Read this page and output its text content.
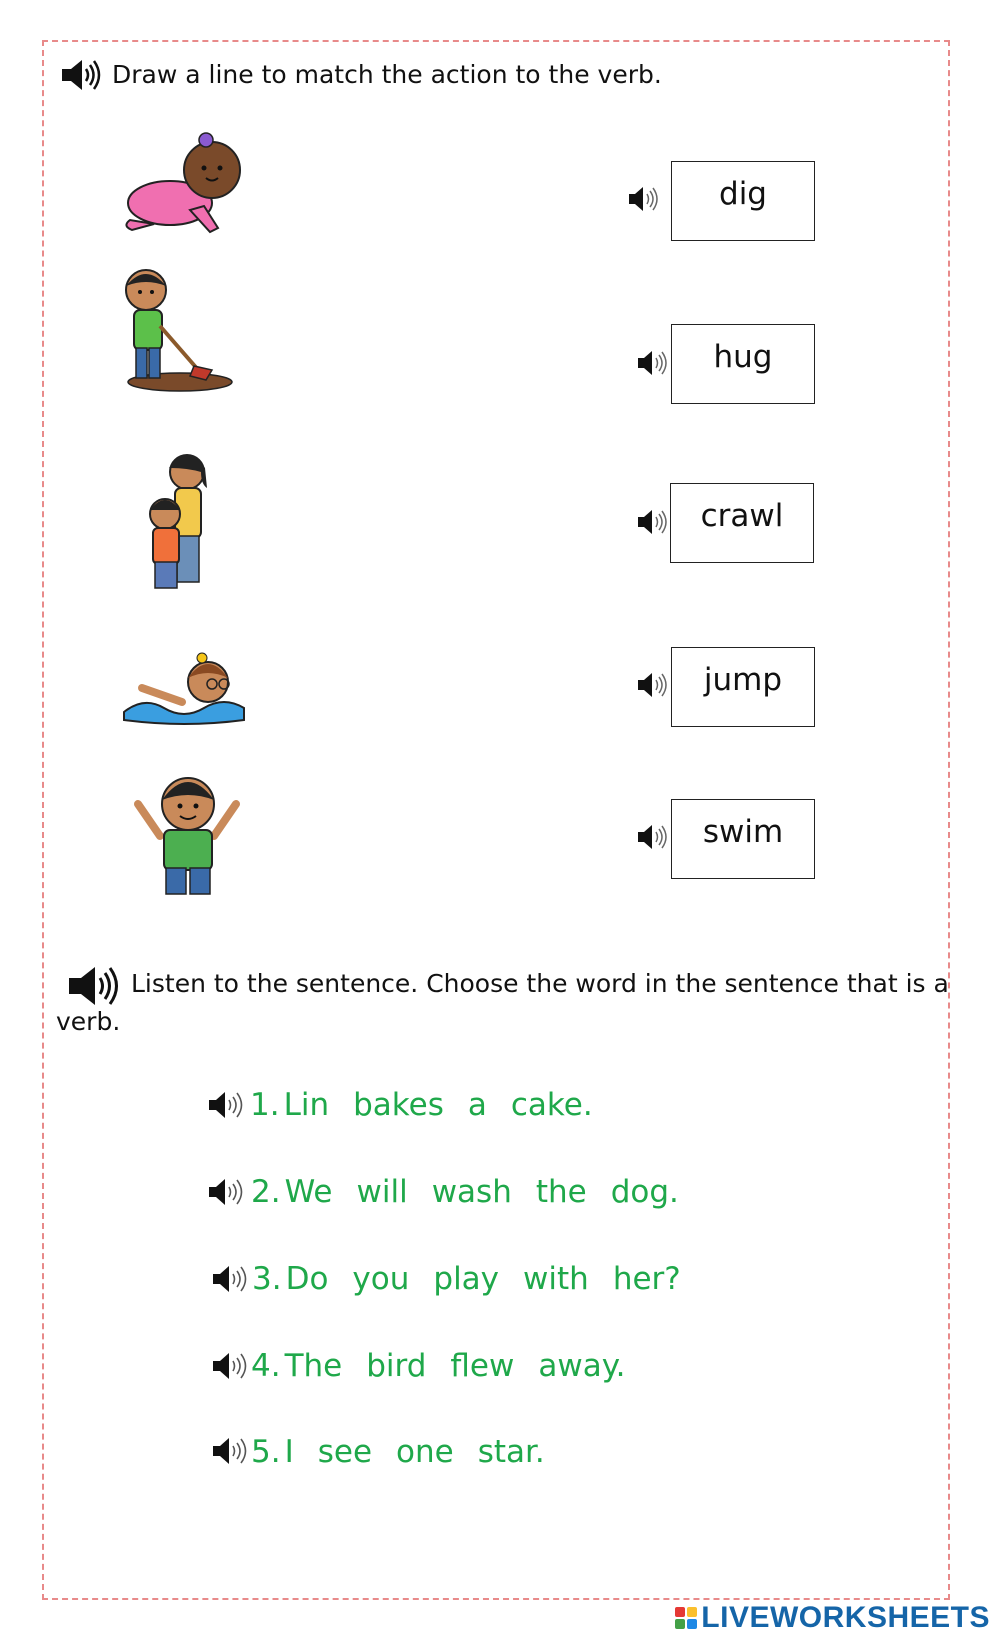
Draw a line to match the action to the verb.
dig
hug
crawl
jump
swim
Listen to the sentence. Choose the word in the sentence that is a
verb.
1. Lin bakes a cake.
2. We will wash the dog.
3. Do you play with her?
4. The bird flew away.
5. I see one star.
LIVEWORKSHEETS
